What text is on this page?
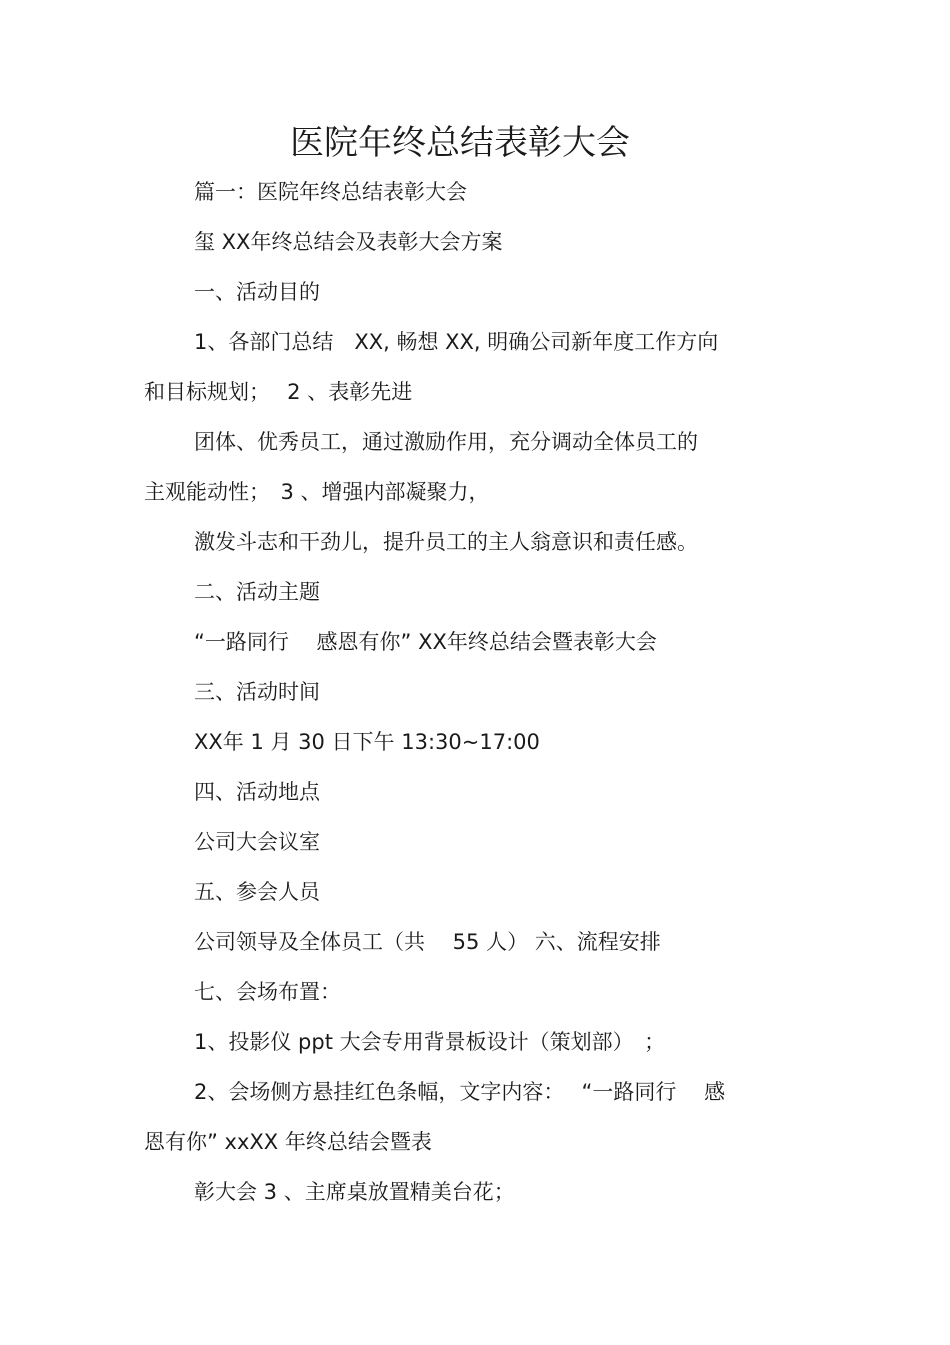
医院年终总结表彰大会

篇一：医院年终总结表彰大会

玺 XX年终总结会及表彰大会方案

一、活动目的

1、各部门总结　XX, 畅想 XX, 明确公司新年度工作方向

和目标规划；　 2 、表彰先进

团体、优秀员工，通过激励作用，充分调动全体员工的

主观能动性；　3 、增强内部凝聚力，

激发斗志和干劲儿，提升员工的主人翁意识和责任感。

二、活动主题

“一路同行　 感恩有你” XX年终总结会暨表彰大会

三、活动时间

XX年 1 月 30 日下午 13:30~17:00

四、活动地点

公司大会议室

五、参会人员

公司领导及全体员工（共　 55 人） 六、流程安排

七、会场布置：

1、投影仪 ppt 大会专用背景板设计（策划部）　；

2、会场侧方悬挂红色条幅，文字内容：　 “一路同行　 感

恩有你” xxXX 年终总结会暨表

彰大会 3 、主席桌放置精美台花；
